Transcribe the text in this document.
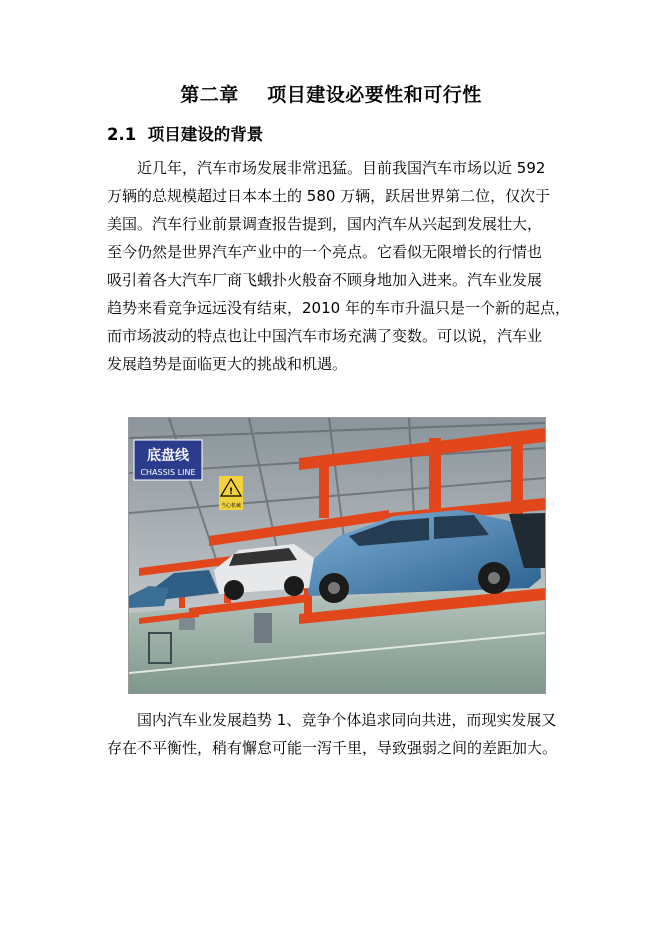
第二章    项目建设必要性和可行性
2.1  项目建设的背景
近几年，汽车市场发展非常迅猛。目前我国汽车市场以近 592
万辆的总规模超过日本本土的 580 万辆，跃居世界第二位，仅次于
美国。汽车行业前景调查报告提到，国内汽车从兴起到发展壮大，
至今仍然是世界汽车产业中的一个亮点。它看似无限增长的行情也
吸引着各大汽车厂商飞蛾扑火般奋不顾身地加入进来。汽车业发展
趋势来看竞争远远没有结束，2010 年的车市升温只是一个新的起点，
而市场波动的特点也让中国汽车市场充满了变数。可以说，汽车业
发展趋势是面临更大的挑战和机遇。
底盘线
CHASSIS LINE
!
当心机械
国内汽车业发展趋势 1、竞争个体追求同向共进，而现实发展又
存在不平衡性，稍有懈怠可能一泻千里，导致强弱之间的差距加大。
